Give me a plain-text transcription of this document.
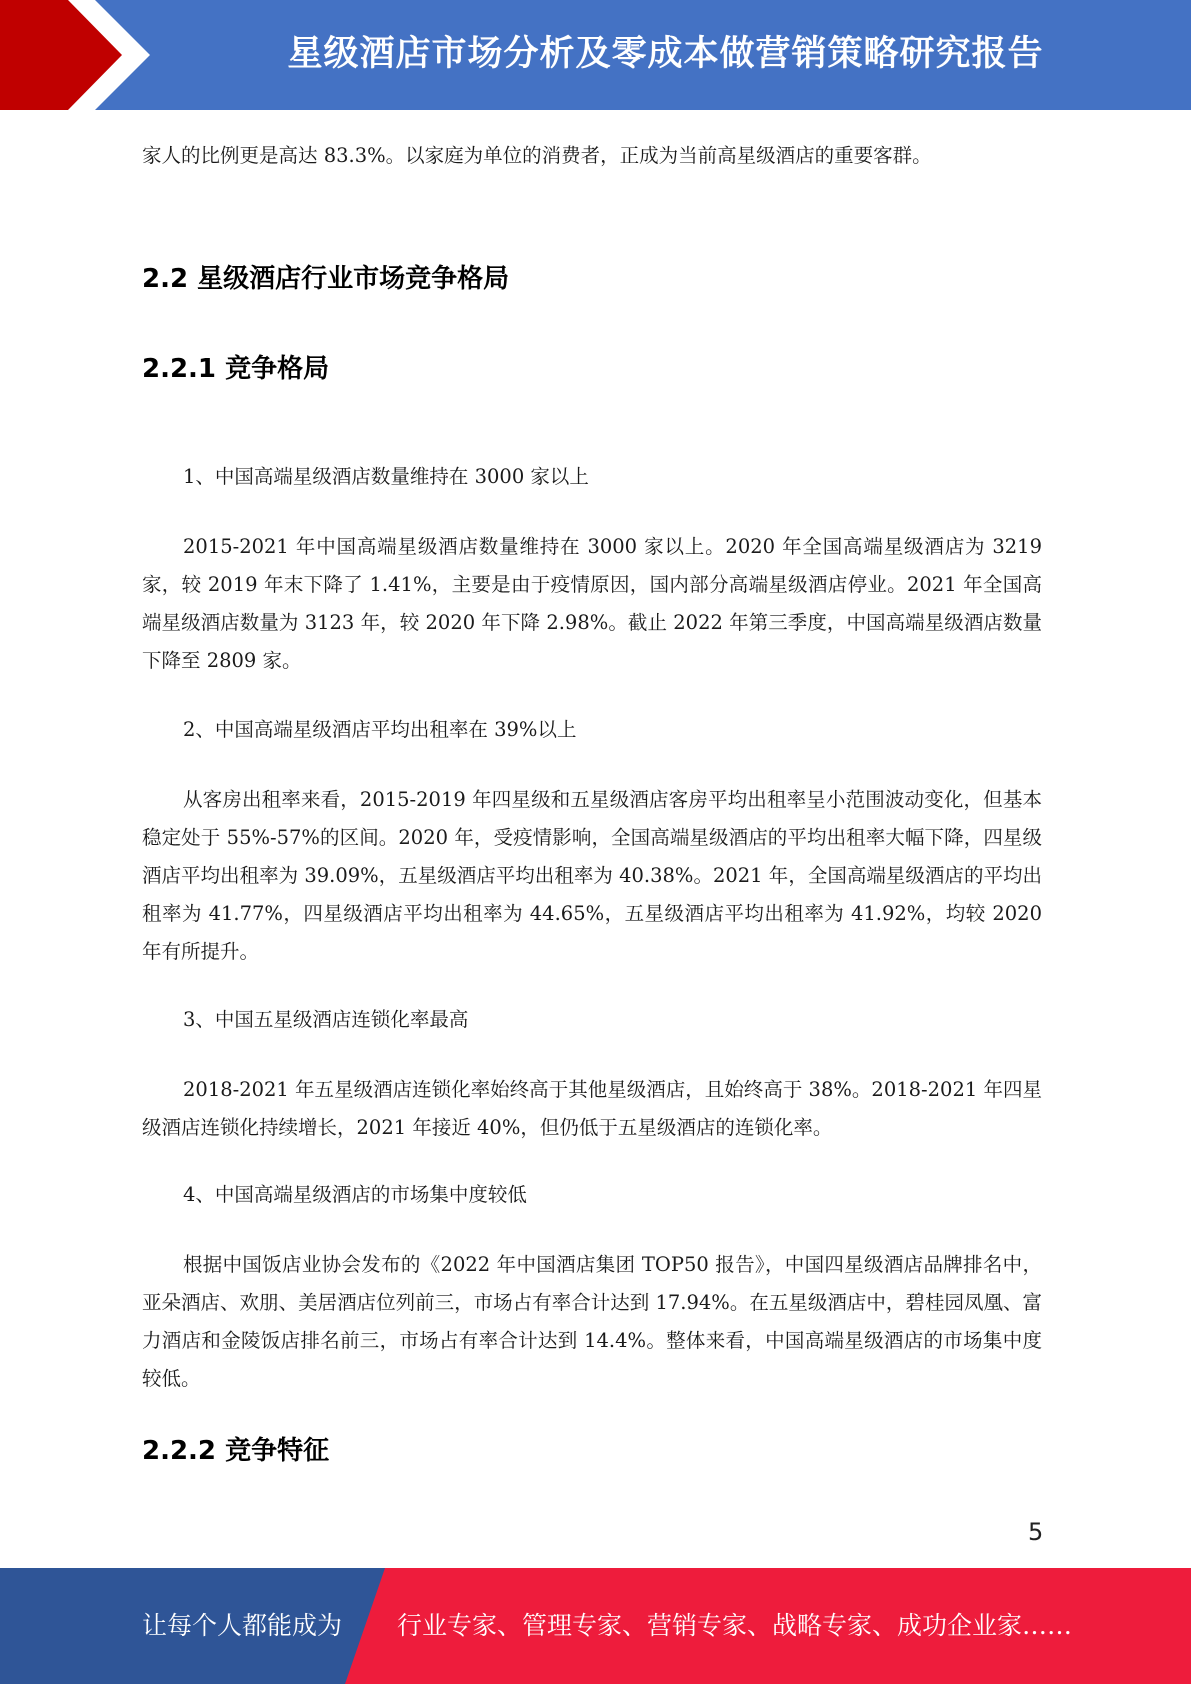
星级酒店市场分析及零成本做营销策略研究报告

家人的比例更是高达 83.3%。以家庭为单位的消费者，正成为当前高星级酒店的重要客群。

2.2 星级酒店行业市场竞争格局
2.2.1 竞争格局

1、中国高端星级酒店数量维持在 3000 家以上

2015-2021 年中国高端星级酒店数量维持在 3000 家以上。2020 年全国高端星级酒店为 3219 家，较 2019 年末下降了 1.41%，主要是由于疫情原因，国内部分高端星级酒店停业。2021 年全国高端星级酒店数量为 3123 年，较 2020 年下降 2.98%。截止 2022 年第三季度，中国高端星级酒店数量下降至 2809 家。

2、中国高端星级酒店平均出租率在 39%以上

从客房出租率来看，2015-2019 年四星级和五星级酒店客房平均出租率呈小范围波动变化，但基本稳定处于 55%-57%的区间。2020 年，受疫情影响，全国高端星级酒店的平均出租率大幅下降，四星级酒店平均出租率为 39.09%，五星级酒店平均出租率为 40.38%。2021 年，全国高端星级酒店的平均出租率为 41.77%，四星级酒店平均出租率为 44.65%，五星级酒店平均出租率为 41.92%，均较 2020 年有所提升。

3、中国五星级酒店连锁化率最高

2018-2021 年五星级酒店连锁化率始终高于其他星级酒店，且始终高于 38%。2018-2021 年四星级酒店连锁化持续增长，2021 年接近 40%，但仍低于五星级酒店的连锁化率。

4、中国高端星级酒店的市场集中度较低

根据中国饭店业协会发布的《2022 年中国酒店集团 TOP50 报告》，中国四星级酒店品牌排名中，亚朵酒店、欢朋、美居酒店位列前三，市场占有率合计达到 17.94%。在五星级酒店中，碧桂园凤凰、富力酒店和金陵饭店排名前三，市场占有率合计达到 14.4%。整体来看，中国高端星级酒店的市场集中度较低。

2.2.2 竞争特征
5
让每个人都能成为 行业专家、管理专家、营销专家、战略专家、成功企业家……
